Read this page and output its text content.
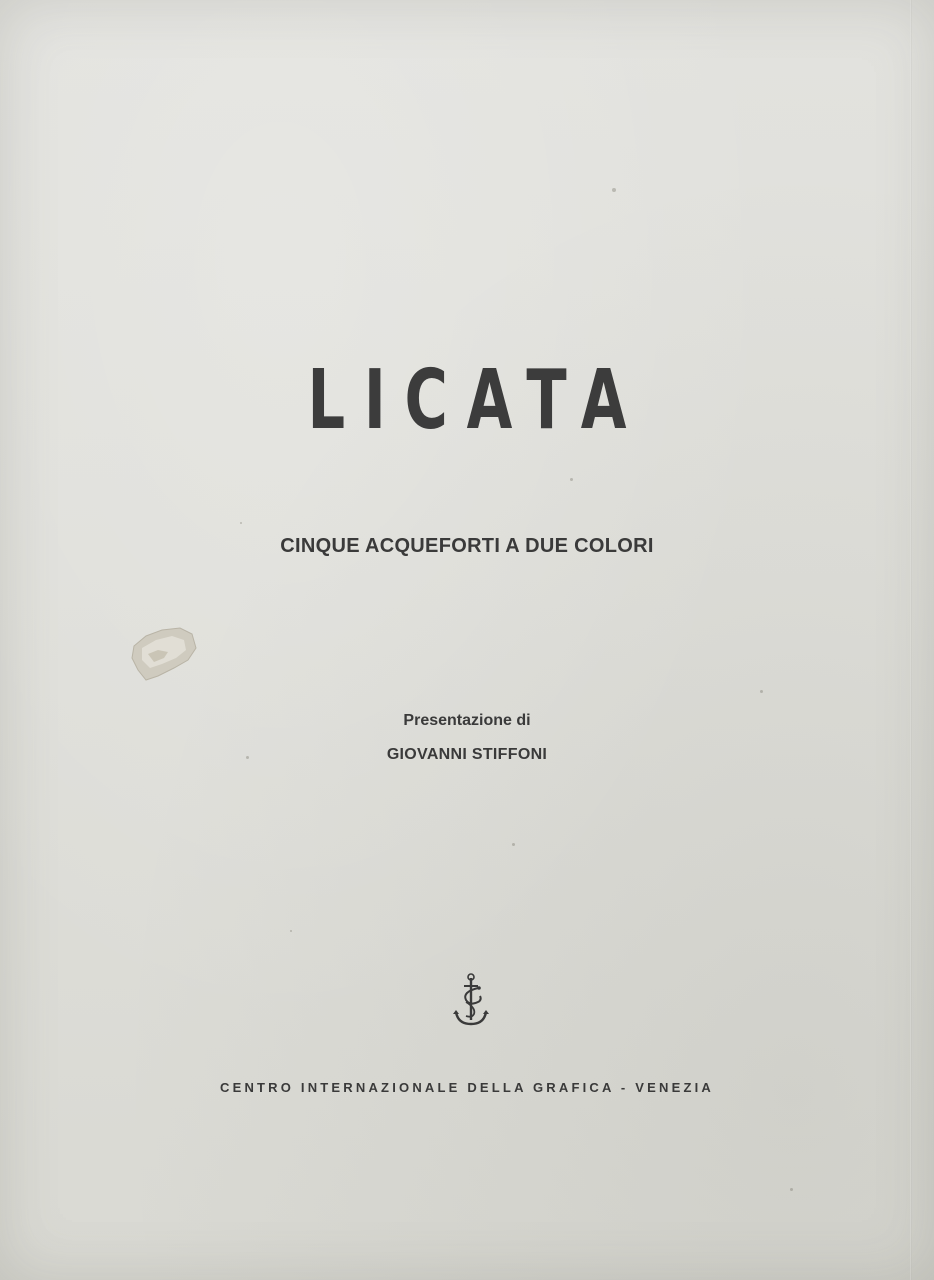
LICATA
CINQUE ACQUEFORTI A DUE COLORI
Presentazione di
GIOVANNI STIFFONI
CENTRO INTERNAZIONALE DELLA GRAFICA - VENEZIA
